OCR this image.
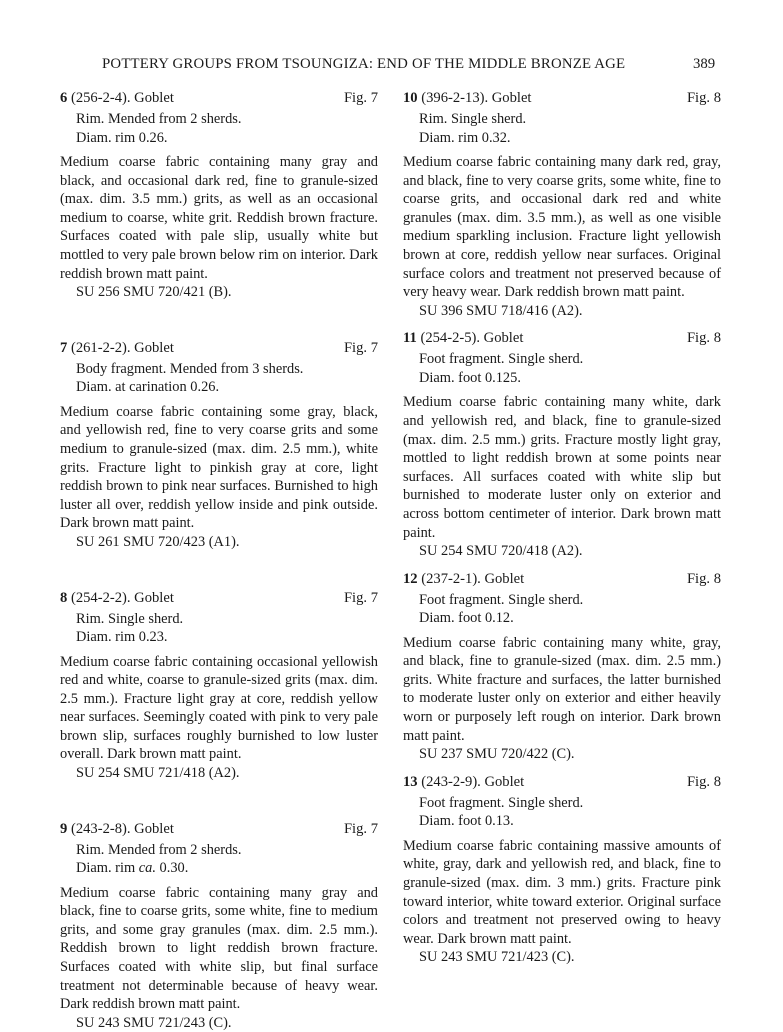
POTTERY GROUPS FROM TSOUNGIZA: END OF THE MIDDLE BRONZE AGE	389
6 (256-2-4). Goblet	Fig. 7
Rim. Mended from 2 sherds.
Diam. rim 0.26.
Medium coarse fabric containing many gray and black, and occasional dark red, fine to granule-sized (max. dim. 3.5 mm.) grits, as well as an occasional medium to coarse, white grit. Reddish brown fracture. Surfaces coated with pale slip, usually white but mottled to very pale brown below rim on interior. Dark reddish brown matt paint.
SU 256 SMU 720/421 (B).
7 (261-2-2). Goblet	Fig. 7
Body fragment. Mended from 3 sherds.
Diam. at carination 0.26.
Medium coarse fabric containing some gray, black, and yellowish red, fine to very coarse grits and some medium to granule-sized (max. dim. 2.5 mm.), white grits. Fracture light to pinkish gray at core, light reddish brown to pink near surfaces. Burnished to high luster all over, reddish yellow inside and pink outside. Dark brown matt paint.
SU 261 SMU 720/423 (A1).
8 (254-2-2). Goblet	Fig. 7
Rim. Single sherd.
Diam. rim 0.23.
Medium coarse fabric containing occasional yellowish red and white, coarse to granule-sized grits (max. dim. 2.5 mm.). Fracture light gray at core, reddish yellow near surfaces. Seemingly coated with pink to very pale brown slip, surfaces roughly burnished to low luster overall. Dark brown matt paint.
SU 254 SMU 721/418 (A2).
9 (243-2-8). Goblet	Fig. 7
Rim. Mended from 2 sherds.
Diam. rim ca. 0.30.
Medium coarse fabric containing many gray and black, fine to coarse grits, some white, fine to medium grits, and some gray granules (max. dim. 2.5 mm.). Reddish brown to light reddish brown fracture. Surfaces coated with white slip, but final surface treatment not determinable because of heavy wear. Dark reddish brown matt paint.
SU 243 SMU 721/243 (C).
10 (396-2-13). Goblet	Fig. 8
Rim. Single sherd.
Diam. rim 0.32.
Medium coarse fabric containing many dark red, gray, and black, fine to very coarse grits, some white, fine to coarse grits, and occasional dark red and white granules (max. dim. 3.5 mm.), as well as one visible medium sparkling inclusion. Fracture light yellowish brown at core, reddish yellow near surfaces. Original surface colors and treatment not preserved because of very heavy wear. Dark reddish brown matt paint.
SU 396 SMU 718/416 (A2).
11 (254-2-5). Goblet	Fig. 8
Foot fragment. Single sherd.
Diam. foot 0.125.
Medium coarse fabric containing many white, dark and yellowish red, and black, fine to granule-sized (max. dim. 2.5 mm.) grits. Fracture mostly light gray, mottled to light reddish brown at some points near surfaces. All surfaces coated with white slip but burnished to moderate luster only on exterior and across bottom centimeter of interior. Dark brown matt paint.
SU 254 SMU 720/418 (A2).
12 (237-2-1). Goblet	Fig. 8
Foot fragment. Single sherd.
Diam. foot 0.12.
Medium coarse fabric containing many white, gray, and black, fine to granule-sized (max. dim. 2.5 mm.) grits. White fracture and surfaces, the latter burnished to moderate luster only on exterior and either heavily worn or purposely left rough on interior. Dark brown matt paint.
SU 237 SMU 720/422 (C).
13 (243-2-9). Goblet	Fig. 8
Foot fragment. Single sherd.
Diam. foot 0.13.
Medium coarse fabric containing massive amounts of white, gray, dark and yellowish red, and black, fine to granule-sized (max. dim. 3 mm.) grits. Fracture pink toward interior, white toward exterior. Original surface colors and treatment not preserved owing to heavy wear. Dark brown matt paint.
SU 243 SMU 721/423 (C).
